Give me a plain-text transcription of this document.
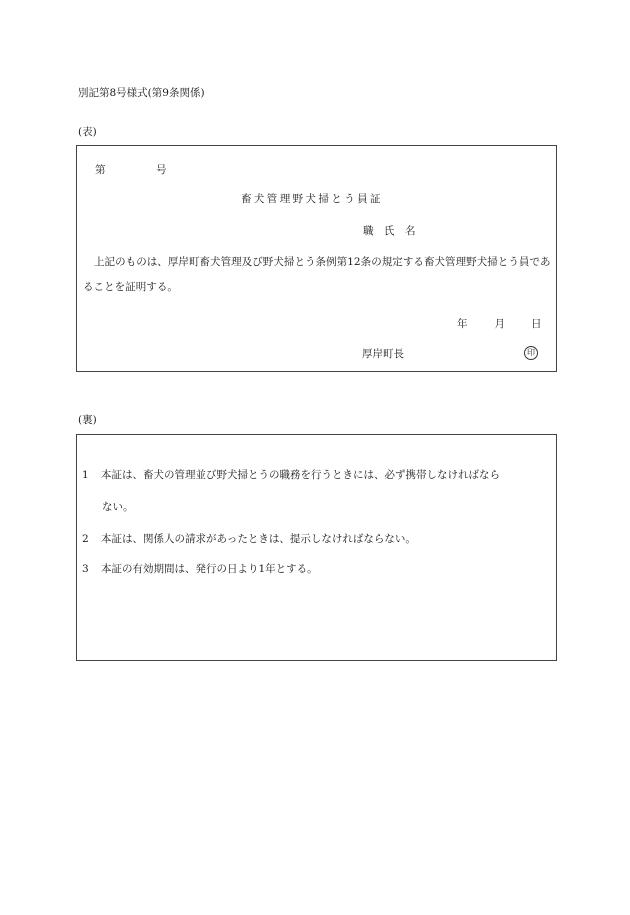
別記第8号様式(第9条関係)
(表)
第	号
畜犬管理野犬掃とう員証
職　氏　名
上記のものは、厚岸町畜犬管理及び野犬掃とう条例第12条の規定する畜犬管理野犬掃とう員であることを証明する。
年	月 日
厚岸町長	印
(裏)
1 本証は、畜犬の管理並び野犬掃とうの職務を行うときには、必ず携帯しなければなら
ない。
2 本証は、関係人の請求があったときは、提示しなければならない。
3 本証の有効期間は、発行の日より1年とする。
